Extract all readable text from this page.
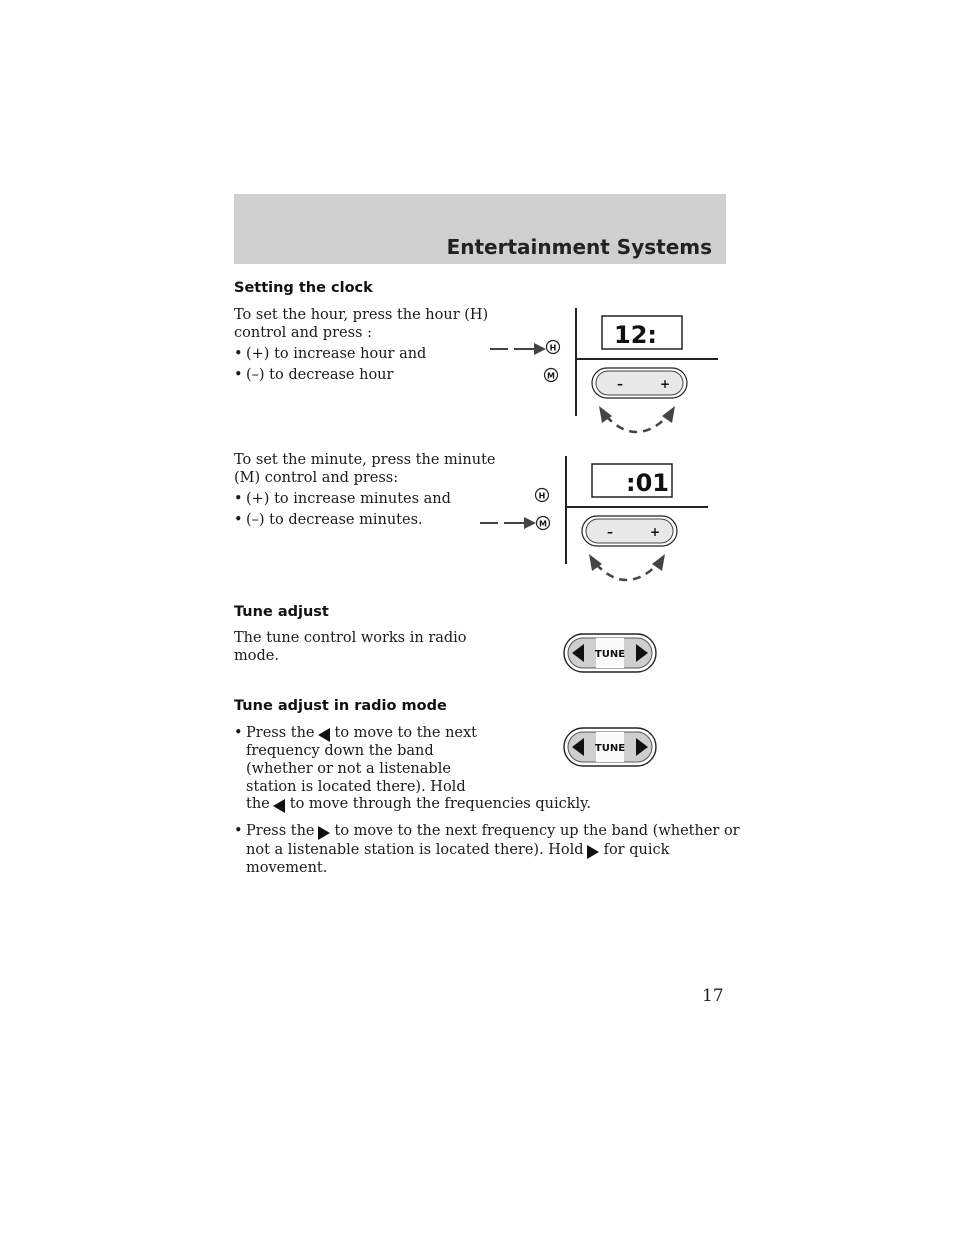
Entertainment Systems
Setting the clock
To set the hour, press the hour (H)
control and press :
• (+) to increase hour and
• (–) to decrease hour
12:
H
M
–	+
To set the minute, press the minute
(M) control and press:
• (+) to increase minutes and
• (–) to decrease minutes.
:01
H
M
–	+
Tune adjust
The tune control works in radio
mode.	TUNE
Tune adjust in radio mode
TUNE
• Press the to move to the next
frequency down the band
(whether or not a listenable
station is located there). Hold
the to move through the frequencies quickly.
• Press the to move to the next frequency up the band (whether or
not a listenable station is located there). Hold for quick
movement.
17
